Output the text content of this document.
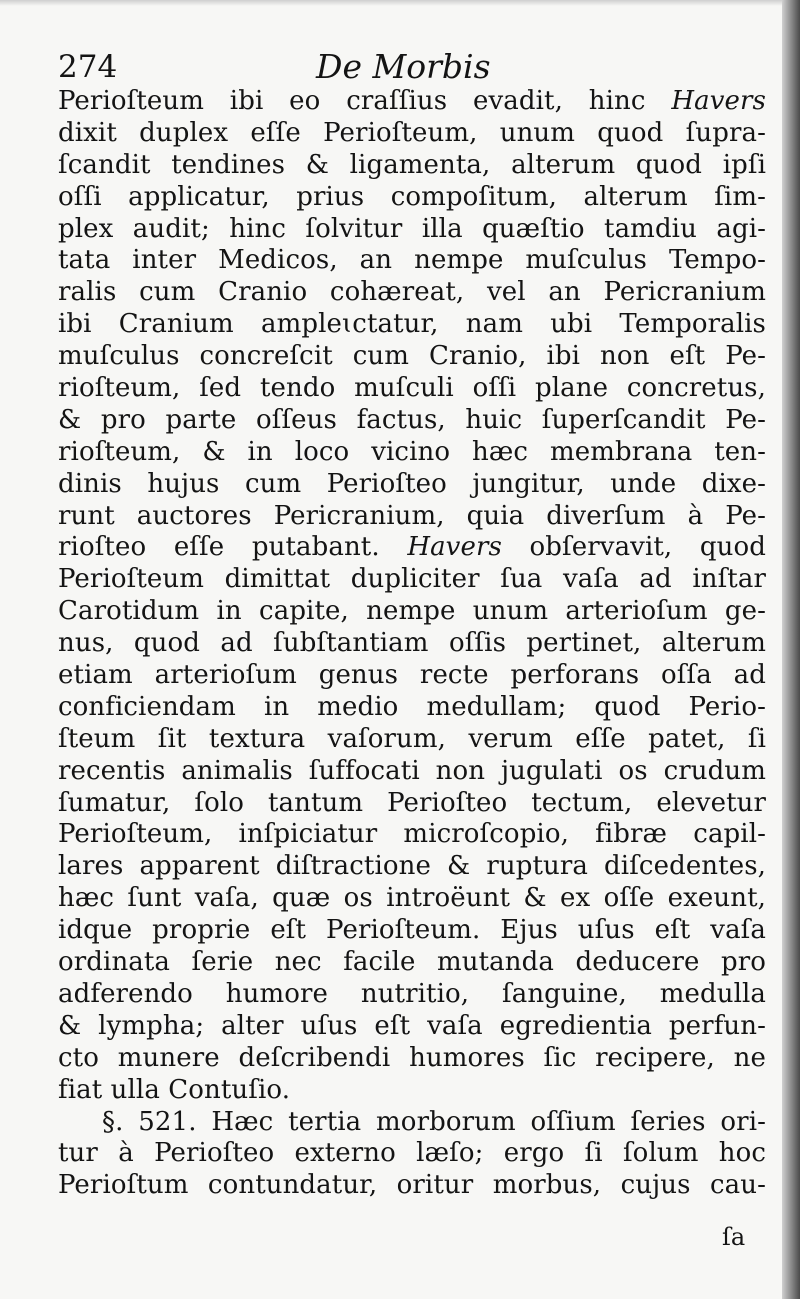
274	De Morbis
Perioſteum ibi eo craſſius evadit, hinc Havers
dixit duplex eſſe Perioſteum, unum quod ſupra-
ſcandit tendines & ligamenta, alterum quod ipſi
oſſi applicatur, prius compoſitum, alterum ſim-
plex audit; hinc ſolvitur illa quæſtio tamdiu agi-
tata inter Medicos, an nempe muſculus Tempo-
ralis cum Cranio cohæreat, vel an Pericranium
ibi Cranium ampleɩctatur, nam ubi Temporalis
muſculus concreſcit cum Cranio, ibi non eſt Pe-
rioſteum, ſed tendo muſculi oſſi plane concretus,
& pro parte oſſeus factus, huic ſuperſcandit Pe-
rioſteum, & in loco vicino hæc membrana ten-
dinis hujus cum Perioſteo jungitur, unde dixe-
runt auctores Pericranium, quia diverſum à Pe-
rioſteo eſſe putabant. Havers obſervavit, quod
Perioſteum dimittat dupliciter ſua vaſa ad inſtar
Carotidum in capite, nempe unum arterioſum ge-
nus, quod ad ſubſtantiam oſſis pertinet, alterum
etiam arterioſum genus recte perforans oſſa ad
conficiendam in medio medullam; quod Perio-
ſteum ſit textura vaſorum, verum eſſe patet, ſi
recentis animalis ſuffocati non jugulati os crudum
ſumatur, ſolo tantum Perioſteo tectum, elevetur
Perioſteum, inſpiciatur microſcopio, fibræ capil-
lares apparent diſtractione & ruptura diſcedentes,
hæc ſunt vaſa, quæ os introëunt & ex oſſe exeunt,
idque proprie eſt Perioſteum. Ejus uſus eſt vaſa
ordinata ſerie nec facile mutanda deducere pro
adferendo humore nutritio, ſanguine, medulla
& lympha; alter uſus eſt vaſa egredientia perfun-
cto munere deſcribendi humores ſic recipere, ne
fiat ulla Contuſio.
§. 521. Hæc tertia morborum oſſium ſeries ori-
tur à Perioſteo externo læſo; ergo ſi ſolum hoc
Perioſtum contundatur, oritur morbus, cujus cau-
ſa
